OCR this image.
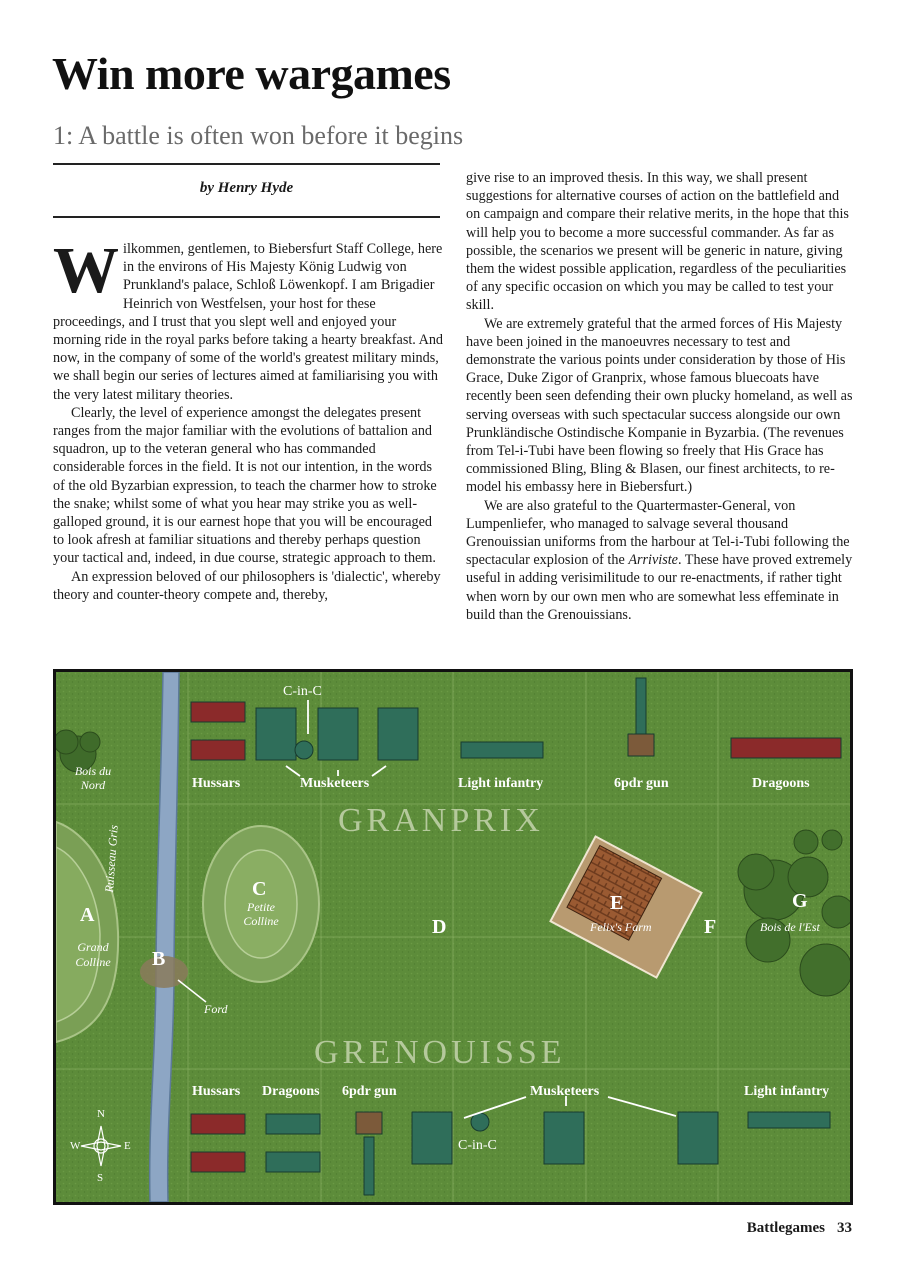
Win more wargames
1: A battle is often won before it begins
by Henry Hyde

Wilkommen, gentlemen, to Biebersfurt Staff College, here in the environs of His Majesty König Ludwig von Prunkland's palace, Schloß Löwenkopf. I am Brigadier Heinrich von Westfelsen, your host for these proceedings, and I trust that you slept well and enjoyed your morning ride in the royal parks before taking a hearty breakfast. And now, in the company of some of the world's greatest military minds, we shall begin our series of lectures aimed at familiarising you with the very latest military theories.

Clearly, the level of experience amongst the delegates present ranges from the major familiar with the evolutions of battalion and squadron, up to the veteran general who has commanded considerable forces in the field. It is not our intention, in the words of the old Byzarbian expression, to teach the charmer how to stroke the snake; whilst some of what you hear may strike you as well-galloped ground, it is our earnest hope that you will be encouraged to look afresh at familiar situations and thereby perhaps question your tactical and, indeed, in due course, strategic approach to them.

An expression beloved of our philosophers is 'dialectic', whereby theory and counter-theory compete and, thereby,

give rise to an improved thesis. In this way, we shall present suggestions for alternative courses of action on the battlefield and on campaign and compare their relative merits, in the hope that this will help you to become a more successful commander. As far as possible, the scenarios we present will be generic in nature, giving them the widest possible application, regardless of the peculiarities of any specific occasion on which you may be called to test your skill.

We are extremely grateful that the armed forces of His Majesty have been joined in the manoeuvres necessary to test and demonstrate the various points under consideration by those of His Grace, Duke Zigor of Granprix, whose famous bluecoats have recently been seen defending their own plucky homeland, as well as serving overseas with such spectacular success alongside our own Prunkländische Ostindische Kompanie in Byzarbia. (The revenues from Tel-i-Tubi have been flowing so freely that His Grace has commissioned Bling, Bling & Blasen, our finest architects, to re-model his embassy here in Biebersfurt.)

We are also grateful to the Quartermaster-General, von Lumpenliefer, who managed to salvage several thousand Grenouissian uniforms from the harbour at Tel-i-Tubi following the spectacular explosion of the Arriviste. These have proved extremely useful in adding verisimilitude to our re-enactments, if rather tight when worn by our own men who are somewhat less effeminate in build than the Grenouissians.

C-in-C
Hussars	Musketeers	Light infantry	6pdr gun	Dragoons
GRANPRIX
GRENOUISSE
Bois du Nord
A
Grand Colline	B
Ruisseau Gris	C
Petite Colline
Ford
D
E
Felix's Farm	F
G
Bois de l'Est
Hussars Dragoons 6pdr gun	Musketeers	Light infantry
C-in-C
N
S
E
W
Battlegames 33
